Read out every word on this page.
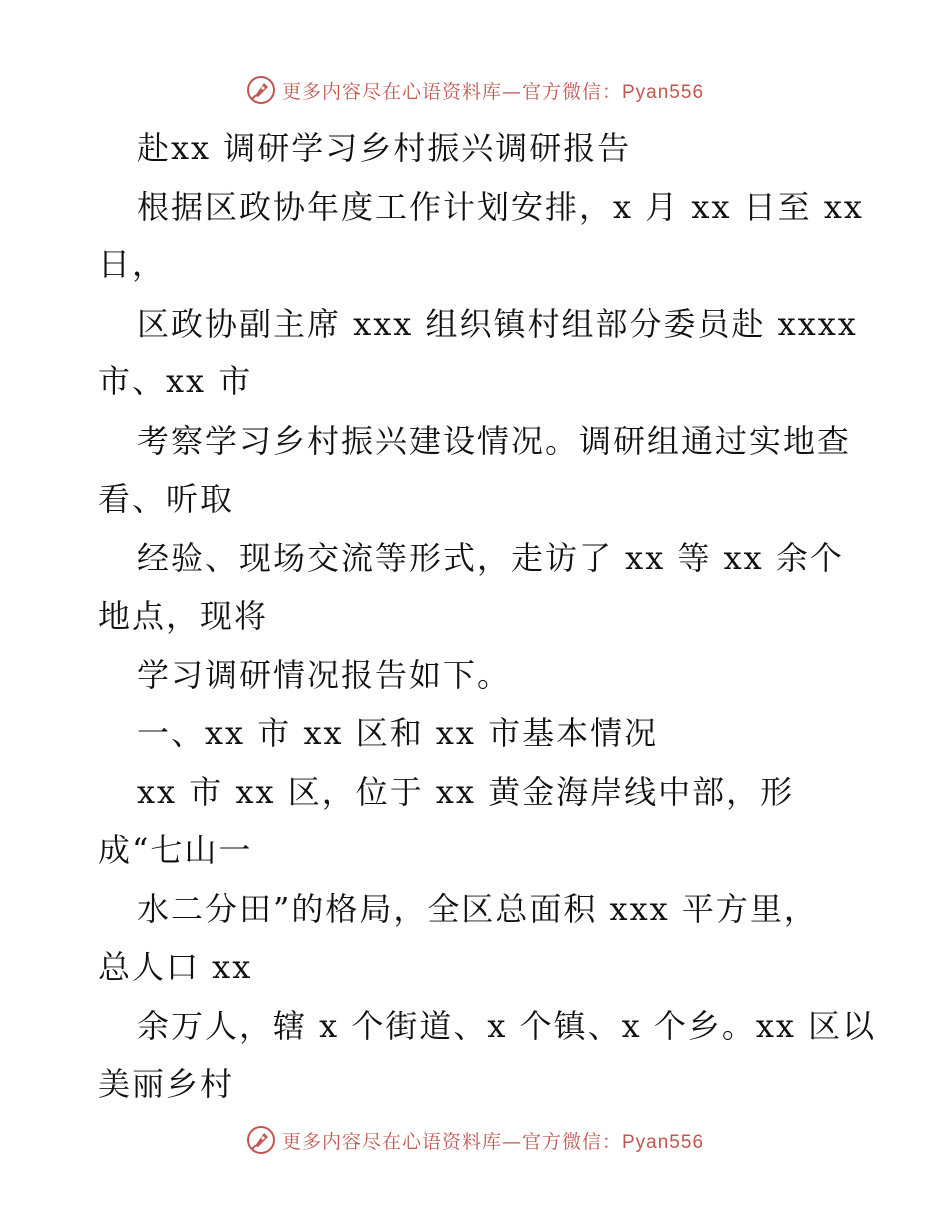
更多内容尽在心语资料库—官方微信：Pyan556
赴xx 调研学习乡村振兴调研报告
根据区政协年度工作计划安排，x 月 xx 日至 xx
日，
区政协副主席 xxx 组织镇村组部分委员赴 xxxx
市、xx 市
考察学习乡村振兴建设情况。调研组通过实地查
看、听取
经验、现场交流等形式，走访了 xx 等 xx 余个
地点，现将
学习调研情况报告如下。
一、xx 市 xx 区和 xx 市基本情况
xx 市 xx 区，位于 xx 黄金海岸线中部，形
成“七山一
水二分田”的格局，全区总面积 xxx 平方里，
总人口 xx
余万人，辖 x 个街道、x 个镇、x 个乡。xx 区以
美丽乡村
更多内容尽在心语资料库—官方微信：Pyan556
